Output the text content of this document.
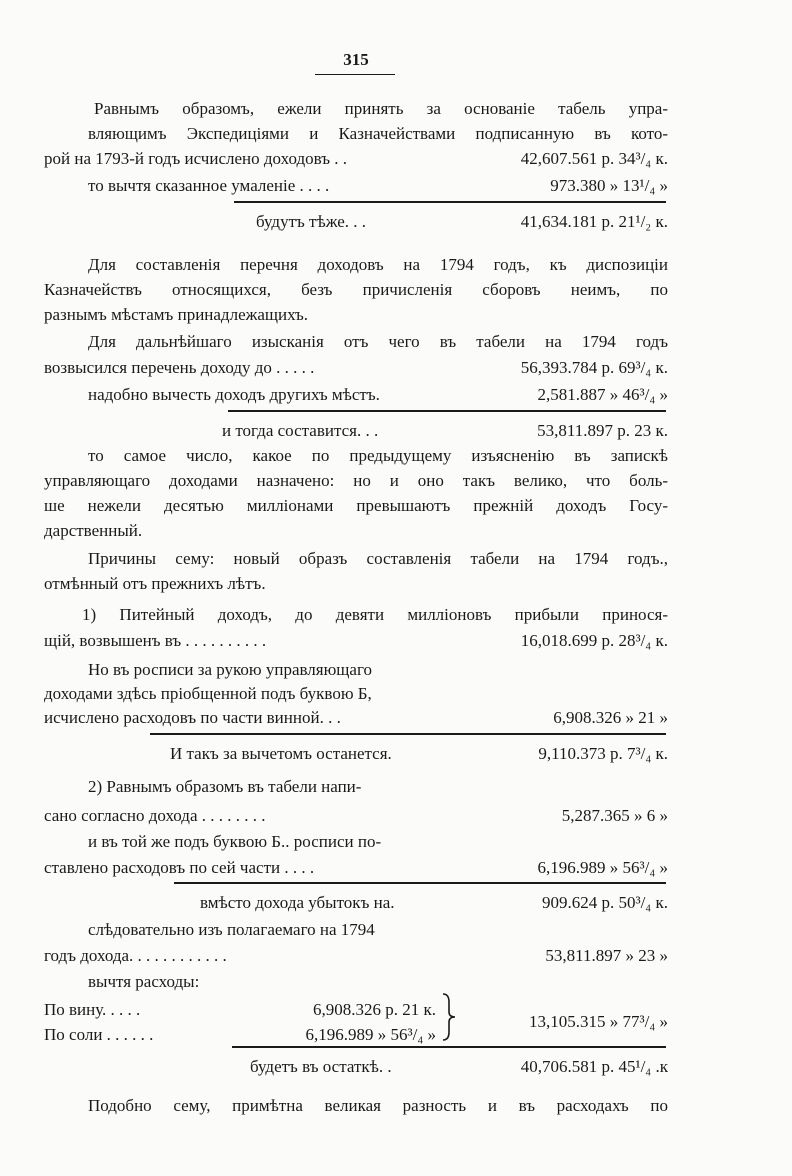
315
Равнымъ образомъ, ежели принять за основаніе табель упра-
вляющимъ Экспедиціями и Казначействами подписанную въ кото-
рой на 1793-й годъ исчислено доходовъ . .	42,607.561 р. 34³/₄ к.
то вычтя сказанное умаленіе . . . .	973.380 » 13¹/₄ »
будутъ тѣже. . .	41,634.181 р. 21¹/₂ к.
Для составленія перечня доходовъ на 1794 годъ, къ диспозиціи
Казначействъ относящихся, безъ причисленія сборовъ неимъ, по
разнымъ мѣстамъ принадлежащихъ.
Для дальнѣйшаго изысканія отъ чего въ табели на 1794 годъ
возвысился перечень доходу до . . . . .	56,393.784 р. 69³/₄ к.
надобно вычесть доходъ другихъ мѣстъ.	2,581.887 » 46³/₄ »
и тогда составится. . .	53,811.897 р. 23 к.
то самое число, какое по предыдущему изъясненію въ запискѣ
управляющаго доходами назначено: но и оно такъ велико, что боль-
ше нежели десятью милліонами превышаютъ прежній доходъ Госу-
дарственный.
Причины сему: новый образъ составленія табели на 1794 годъ.,
отмѣнный отъ прежнихъ лѣтъ.
1) Питейный доходъ, до девяти милліоновъ прибыли принося-
щій, возвышенъ въ . . . . . . . . . .	16,018.699 р. 28³/₄ к.
Но въ росписи за рукою управляющаго
доходами здѣсь пріобщенной подъ буквою Б,
исчислено расходовъ по части винной. . .	6,908.326 » 21 »
И такъ за вычетомъ останется.	9,110.373 р. 7³/₄ к.
2) Равнымъ образомъ въ табели напи-
сано согласно дохода . . . . . . . .	5,287.365 » 6 »
и въ той же подъ буквою Б.. росписи по-
ставлено расходовъ по сей части . . . .	6,196.989 » 56³/₄ »
вмѣсто дохода убытокъ на.	909.624 р. 50³/₄ к.
слѣдовательно изъ полагаемаго на 1794
годъ дохода. . . . . . . . . . . .	53,811.897 » 23 »
вычтя расходы:
По вину. . . . .	6,908.326 р. 21 к.
По соли . . . . . .	6,196.989 » 56³/₄ »
13,105.315 » 77³/₄ »
будетъ въ остаткѣ. .	40,706.581 р. 45¹/₄ .к
Подобно сему, примѣтна великая разность и въ расходахъ по
